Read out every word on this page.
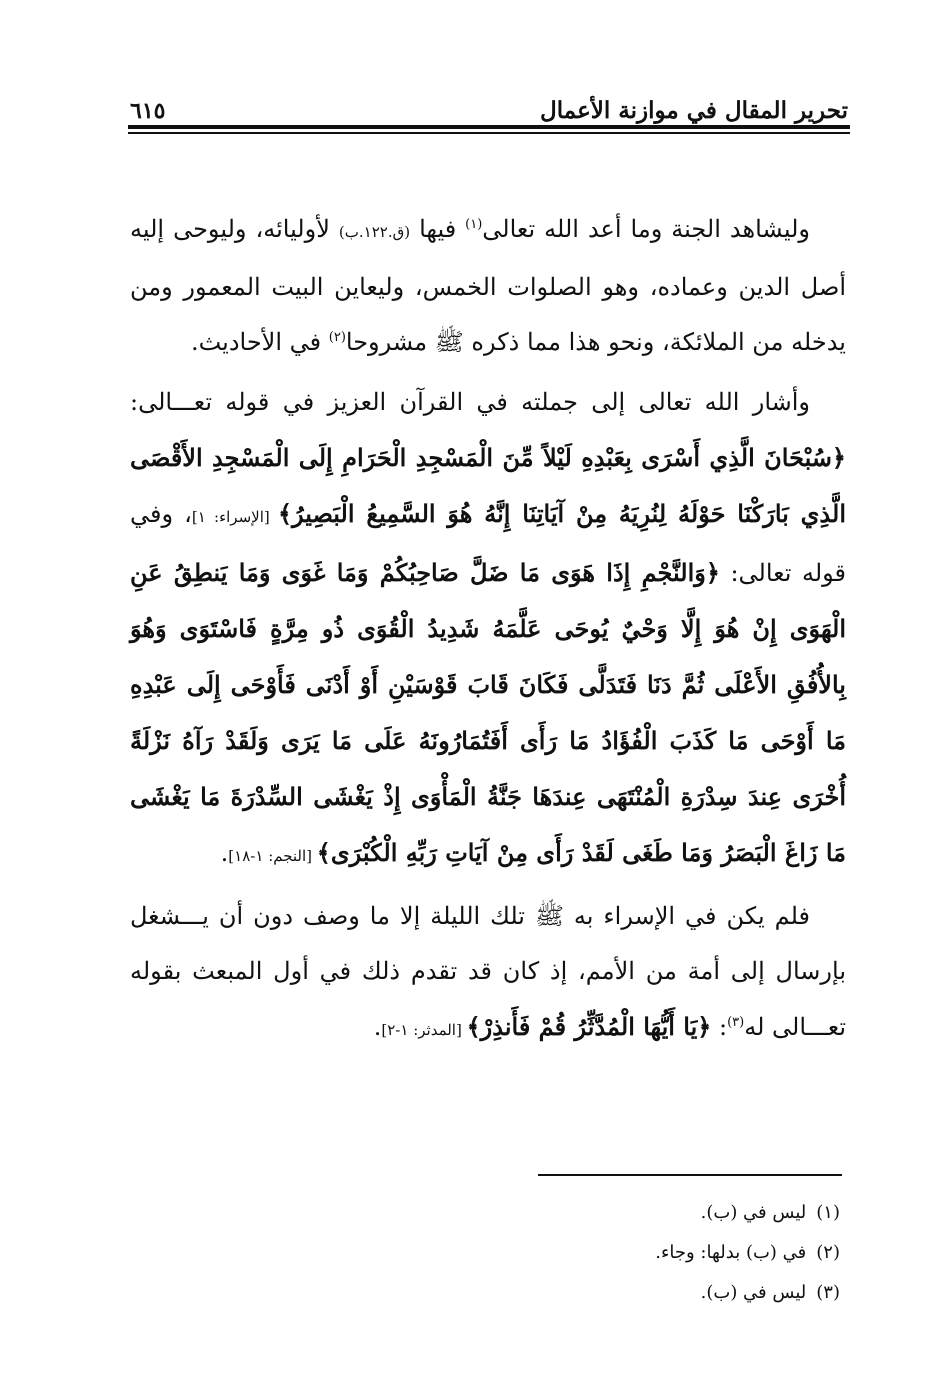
تحرير المقال في موازنة الأعمال
٦١٥

وليشاهد الجنة وما أعد الله تعالى$^{(١)}$ فيها (ق.١٢٢.ب) لأوليائه، وليوحى إليه أصل الدين وعماده، وهو الصلوات الخمس، وليعاين البيت المعمور ومن يدخله من الملائكة، ونحو هذا مما ذكره ﷺ مشروحا$^{(٢)}$ في الأحاديث.

وأشار الله تعالى إلى جملته في القرآن العزيز في قوله تعـــالى: ﴿سُبْحَانَ الَّذِي أَسْرَى بِعَبْدِهِ لَيْلاً مِّنَ الْمَسْجِدِ الْحَرَامِ إِلَى الْمَسْجِدِ الأَقْصَى الَّذِي بَارَكْنَا حَوْلَهُ لِنُرِيَهُ مِنْ آيَاتِنَا إِنَّهُ هُوَ السَّمِيعُ الْبَصِيرُ﴾ [الإسراء: ١]، وفي قوله تعالى: ﴿وَالنَّجْمِ إِذَا هَوَى مَا ضَلَّ صَاحِبُكُمْ وَمَا غَوَى وَمَا يَنطِقُ عَنِ الْهَوَى إِنْ هُوَ إِلَّا وَحْيٌ يُوحَى عَلَّمَهُ شَدِيدُ الْقُوَى ذُو مِرَّةٍ فَاسْتَوَى وَهُوَ بِالأُفُقِ الأَعْلَى ثُمَّ دَنَا فَتَدَلَّى فَكَانَ قَابَ قَوْسَيْنِ أَوْ أَدْنَى فَأَوْحَى إِلَى عَبْدِهِ مَا أَوْحَى مَا كَذَبَ الْفُؤَادُ مَا رَأَى أَفَتُمَارُونَهُ عَلَى مَا يَرَى وَلَقَدْ رَآهُ نَزْلَةً أُخْرَى عِندَ سِدْرَةِ الْمُنْتَهَى عِندَهَا جَنَّةُ الْمَأْوَى إِذْ يَغْشَى السِّدْرَةَ مَا يَغْشَى مَا زَاغَ الْبَصَرُ وَمَا طَغَى لَقَدْ رَأَى مِنْ آيَاتِ رَبِّهِ الْكُبْرَى﴾ [النجم: ١-١٨].

فلم يكن في الإسراء به ﷺ تلك الليلة إلا ما وصف دون أن يـــشغل بإرسال إلى أمة من الأمم، إذ كان قد تقدم ذلك في أول المبعث بقوله تعـــالى له$^{(٣)}$: ﴿يَا أَيُّهَا الْمُدَّثِّرُ قُمْ فَأَنذِرْ﴾ [المدثر: ١-٢].

(١)
ليس في (ب).
(٢)
في (ب) بدلها: وجاء.
(٣)
ليس في (ب).
